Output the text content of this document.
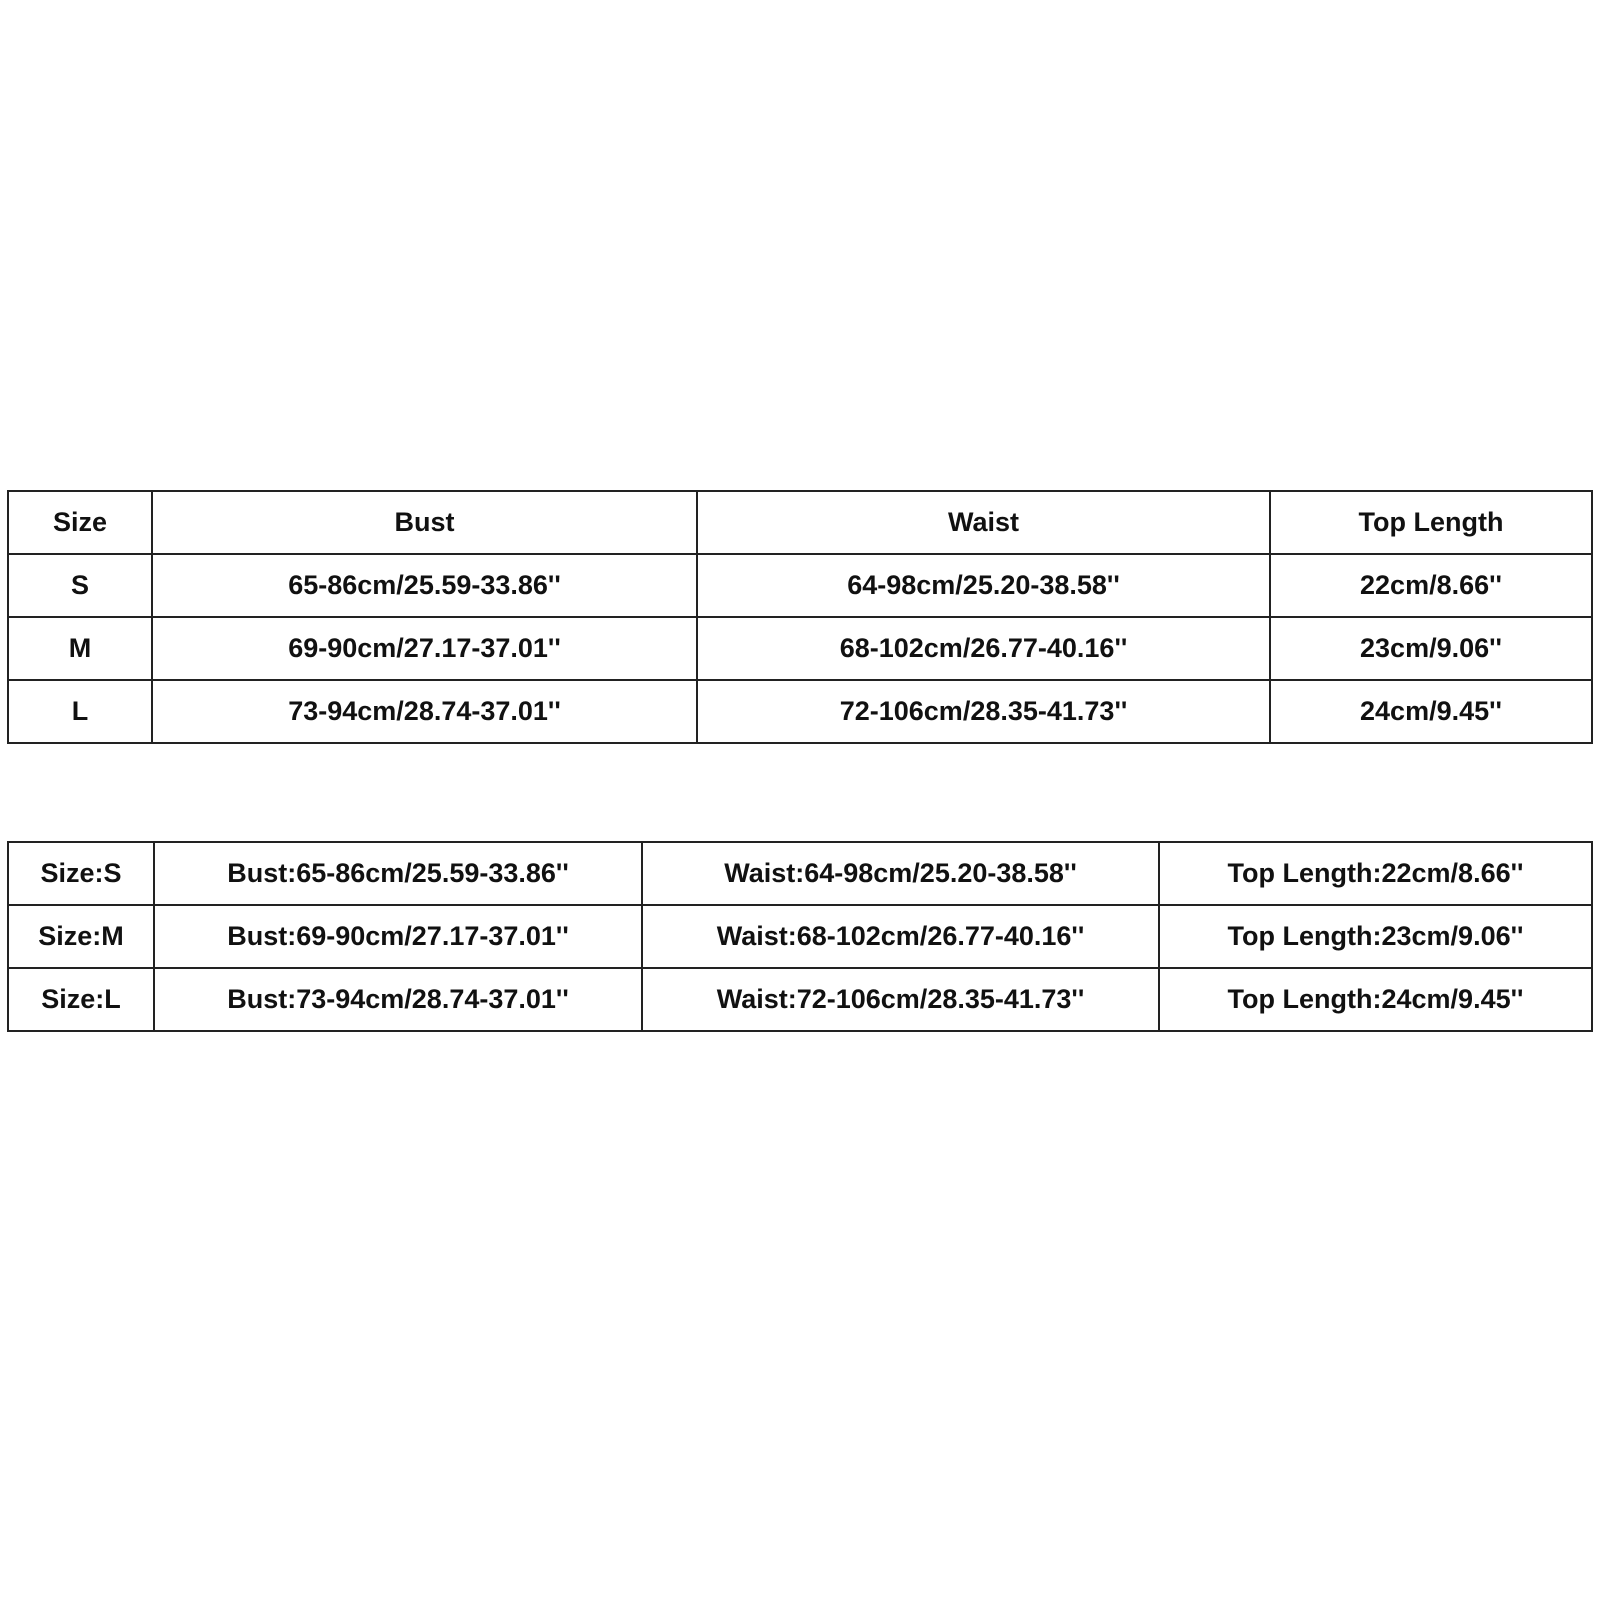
Size	Bust	Waist	Top Length
S	65-86cm/25.59-33.86''	64-98cm/25.20-38.58''	22cm/8.66''
M	69-90cm/27.17-37.01''	68-102cm/26.77-40.16''	23cm/9.06''
L	73-94cm/28.74-37.01''	72-106cm/28.35-41.73''	24cm/9.45''
Size:S	Bust:65-86cm/25.59-33.86''	Waist:64-98cm/25.20-38.58''	Top Length:22cm/8.66''
Size:M	Bust:69-90cm/27.17-37.01''	Waist:68-102cm/26.77-40.16''	Top Length:23cm/9.06''
Size:L	Bust:73-94cm/28.74-37.01''	Waist:72-106cm/28.35-41.73''	Top Length:24cm/9.45''
